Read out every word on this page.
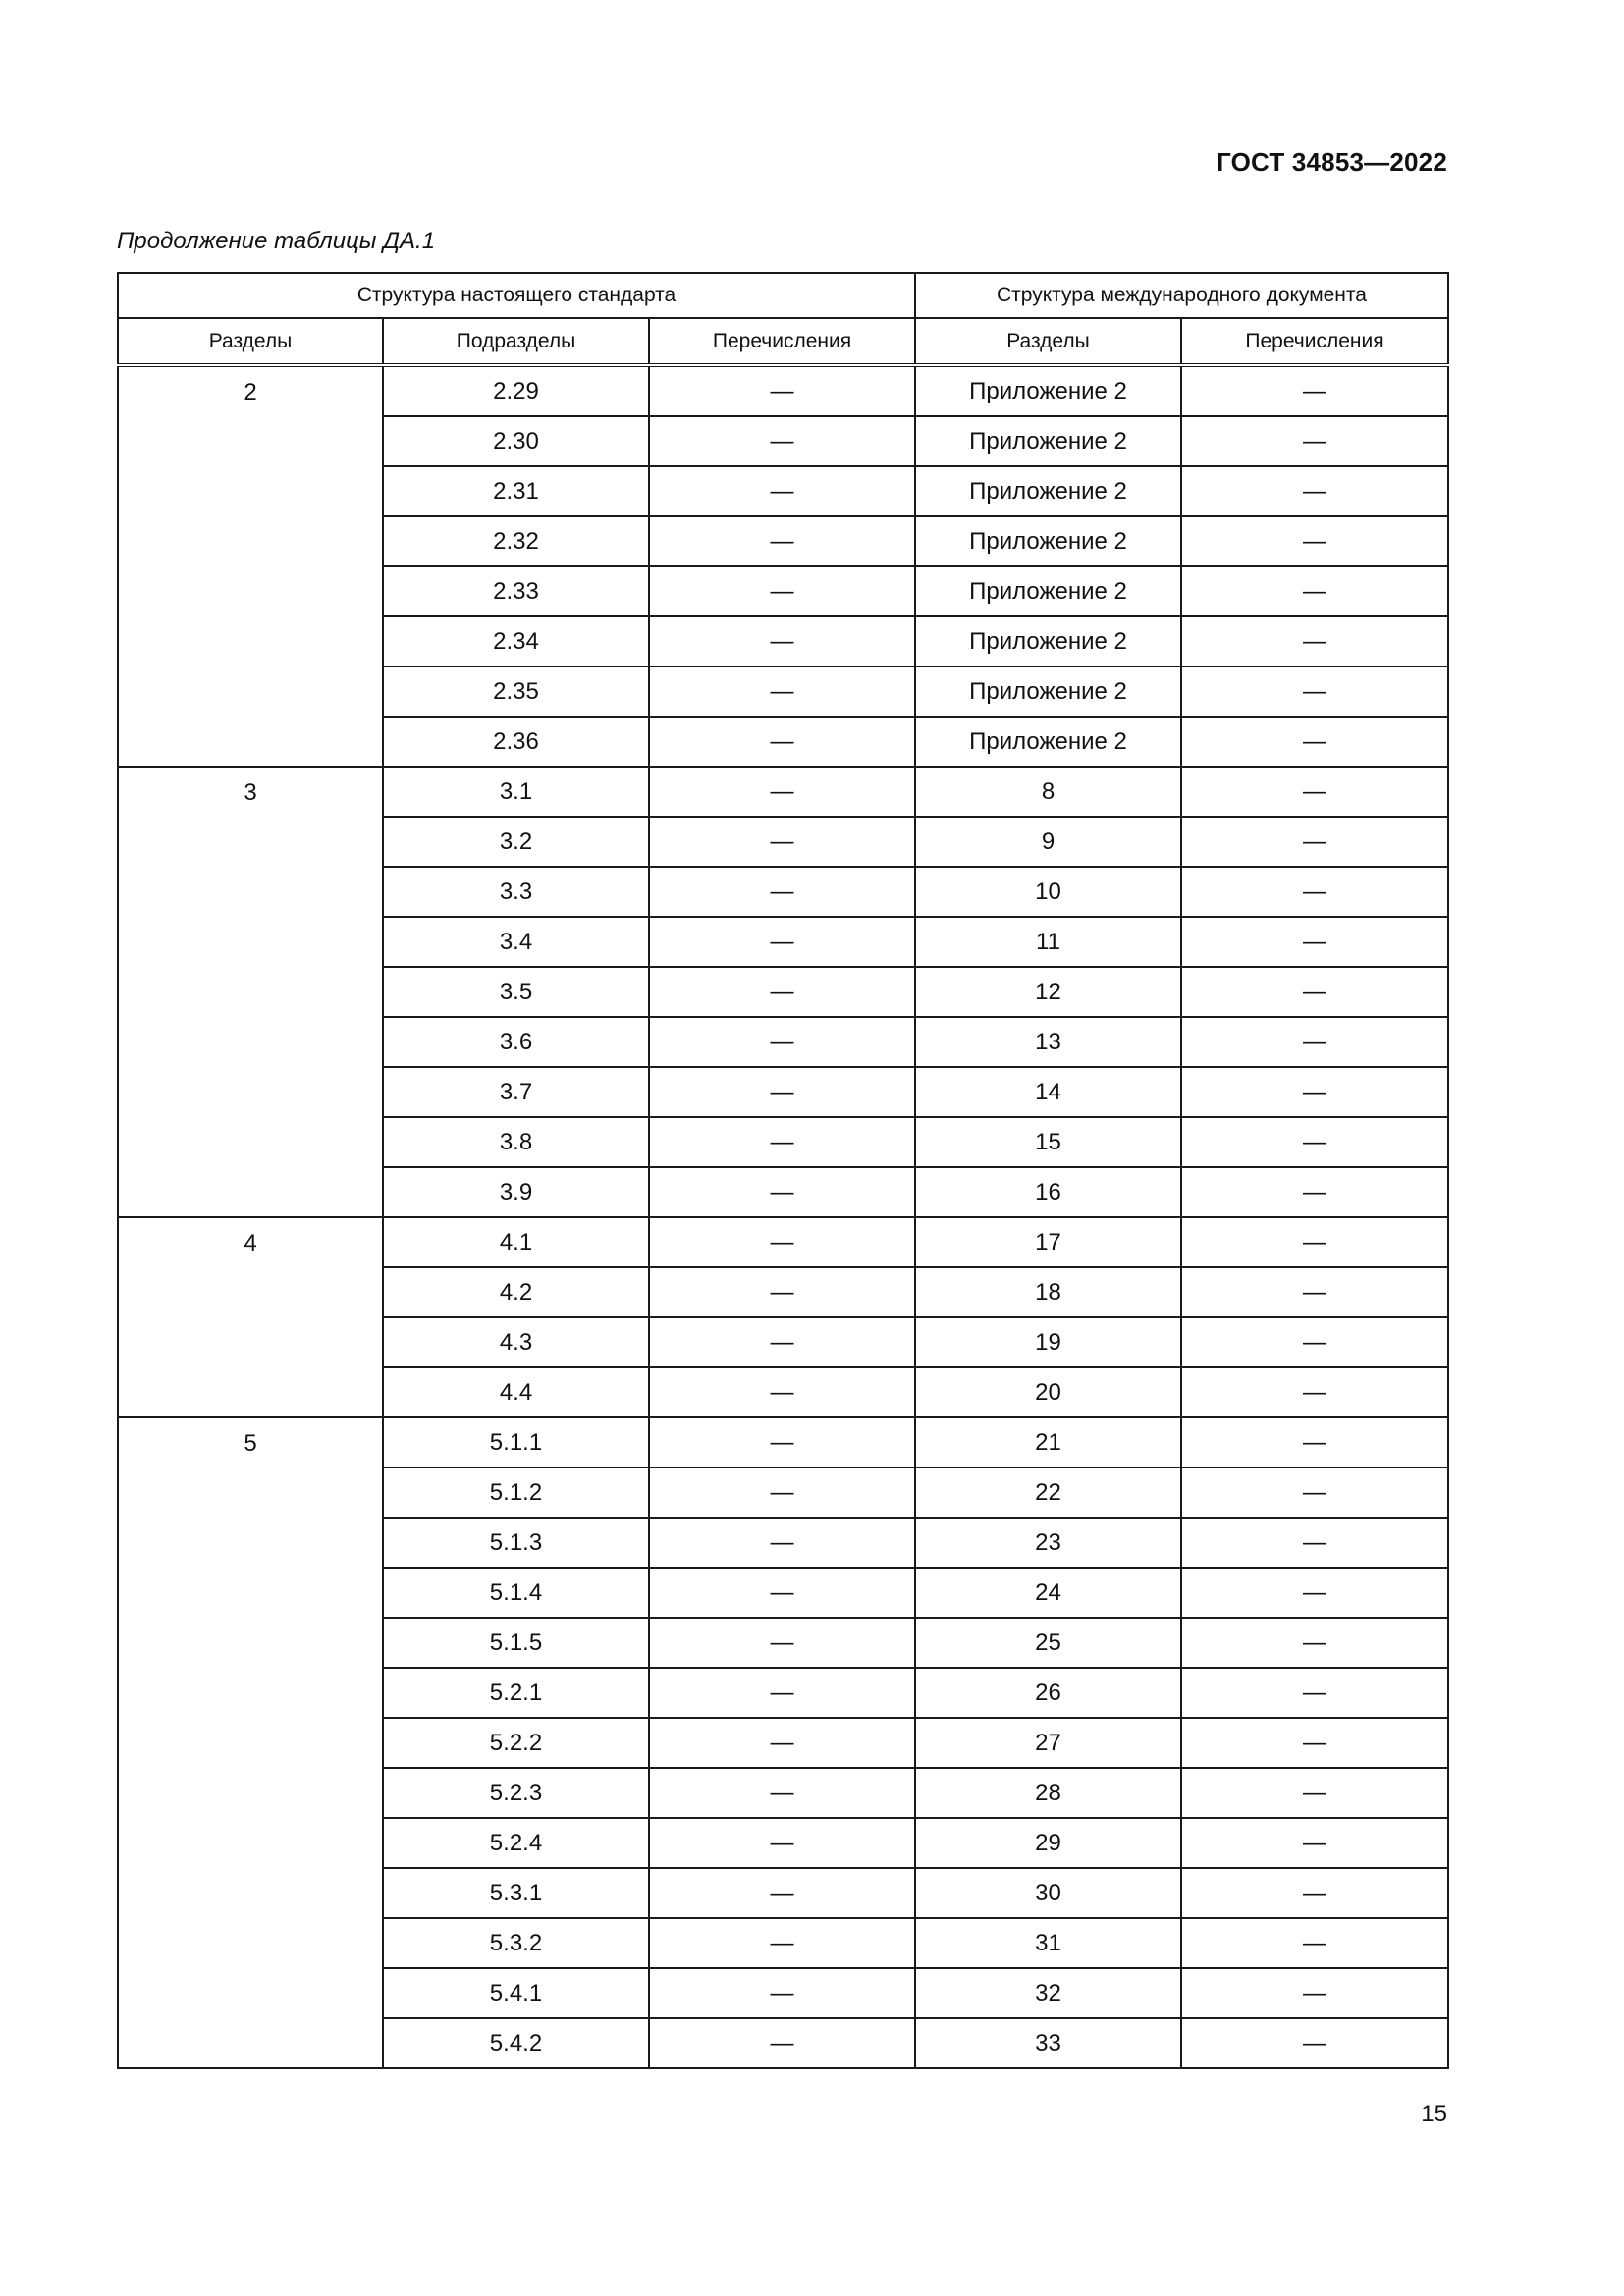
ГОСТ 34853—2022
Продолжение таблицы ДА.1
Структура настоящего стандарта			Структура международного документа	
Разделы	Подразделы	Перечисления	Разделы	Перечисления
2	2.29	—	Приложение 2	—
	2.30	—	Приложение 2	—
	2.31	—	Приложение 2	—
	2.32	—	Приложение 2	—
	2.33	—	Приложение 2	—
	2.34	—	Приложение 2	—
	2.35	—	Приложение 2	—
	2.36	—	Приложение 2	—
3	3.1	—	8	—
	3.2	—	9	—
	3.3	—	10	—
	3.4	—	11	—
	3.5	—	12	—
	3.6	—	13	—
	3.7	—	14	—
	3.8	—	15	—
	3.9	—	16	—
4	4.1	—	17	—
	4.2	—	18	—
	4.3	—	19	—
	4.4	—	20	—
5	5.1.1	—	21	—
	5.1.2	—	22	—
	5.1.3	—	23	—
	5.1.4	—	24	—
	5.1.5	—	25	—
	5.2.1	—	26	—
	5.2.2	—	27	—
	5.2.3	—	28	—
	5.2.4	—	29	—
	5.3.1	—	30	—
	5.3.2	—	31	—
	5.4.1	—	32	—
	5.4.2	—	33	—
15
